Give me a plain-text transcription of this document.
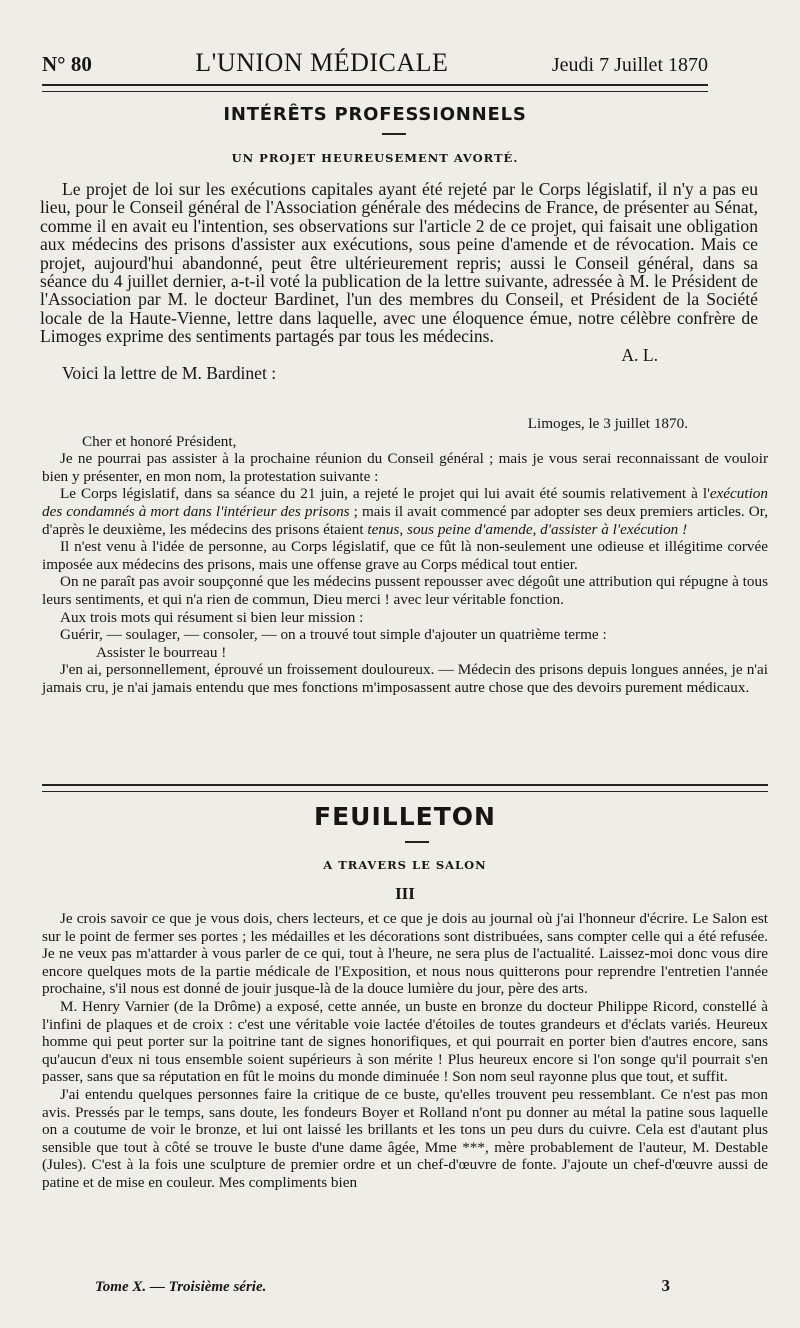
N° 80	L'UNION MÉDICALE	Jeudi 7 Juillet 1870
INTÉRÊTS PROFESSIONNELS
UN PROJET HEUREUSEMENT AVORTÉ.

Le projet de loi sur les exécutions capitales ayant été rejeté par le Corps législatif, il n'y a pas eu lieu, pour le Conseil général de l'Association générale des médecins de France, de présenter au Sénat, comme il en avait eu l'intention, ses observations sur l'article 2 de ce projet, qui faisait une obligation aux médecins des prisons d'assister aux exécutions, sous peine d'amende et de révocation. Mais ce projet, aujourd'hui abandonné, peut être ultérieurement repris; aussi le Conseil général, dans sa séance du 4 juillet dernier, a-t-il voté la publication de la lettre suivante, adressée à M. le Président de l'Association par M. le docteur Bardinet, l'un des membres du Conseil, et Président de la Société locale de la Haute-Vienne, lettre dans laquelle, avec une éloquence émue, notre célèbre confrère de Limoges exprime des sentiments partagés par tous les médecins.
A. L.

Voici la lettre de M. Bardinet :

Limoges, le 3 juillet 1870.

Cher et honoré Président,

Je ne pourrai pas assister à la prochaine réunion du Conseil général ; mais je vous serai reconnaissant de vouloir bien y présenter, en mon nom, la protestation suivante :

Le Corps législatif, dans sa séance du 21 juin, a rejeté le projet qui lui avait été soumis relativement à l'exécution des condamnés à mort dans l'intérieur des prisons ; mais il avait commencé par adopter ses deux premiers articles. Or, d'après le deuxième, les médecins des prisons étaient tenus, sous peine d'amende, d'assister à l'exécution !

Il n'est venu à l'idée de personne, au Corps législatif, que ce fût là non-seulement une odieuse et illégitime corvée imposée aux médecins des prisons, mais une offense grave au Corps médical tout entier.

On ne paraît pas avoir soupçonné que les médecins pussent repousser avec dégoût une attribution qui répugne à tous leurs sentiments, et qui n'a rien de commun, Dieu merci ! avec leur véritable fonction.

Aux trois mots qui résument si bien leur mission :

Guérir, — soulager, — consoler, — on a trouvé tout simple d'ajouter un quatrième terme :

Assister le bourreau !

J'en ai, personnellement, éprouvé un froissement douloureux. — Médecin des prisons depuis longues années, je n'ai jamais cru, je n'ai jamais entendu que mes fonctions m'imposassent autre chose que des devoirs purement médicaux.

FEUILLETON
A TRAVERS LE SALON
III

Je crois savoir ce que je vous dois, chers lecteurs, et ce que je dois au journal où j'ai l'honneur d'écrire. Le Salon est sur le point de fermer ses portes ; les médailles et les décorations sont distribuées, sans compter celle qui a été refusée. Je ne veux pas m'attarder à vous parler de ce qui, tout à l'heure, ne sera plus de l'actualité. Laissez-moi donc vous dire encore quelques mots de la partie médicale de l'Exposition, et nous nous quitterons pour reprendre l'entretien l'année prochaine, s'il nous est donné de jouir jusque-là de la douce lumière du jour, père des arts.

M. Henry Varnier (de la Drôme) a exposé, cette année, un buste en bronze du docteur Philippe Ricord, constellé à l'infini de plaques et de croix : c'est une véritable voie lactée d'étoiles de toutes grandeurs et d'éclats variés. Heureux homme qui peut porter sur la poitrine tant de signes honorifiques, et qui pourrait en porter bien d'autres encore, sans qu'aucun d'eux ni tous ensemble soient supérieurs à son mérite ! Plus heureux encore si l'on songe qu'il pourrait s'en passer, sans que sa réputation en fût le moins du monde diminuée ! Son nom seul rayonne plus que tout, et suffit.

J'ai entendu quelques personnes faire la critique de ce buste, qu'elles trouvent peu ressemblant. Ce n'est pas mon avis. Pressés par le temps, sans doute, les fondeurs Boyer et Rolland n'ont pu donner au métal la patine sous laquelle on a coutume de voir le bronze, et lui ont laissé les brillants et les tons un peu durs du cuivre. Cela est d'autant plus sensible que tout à côté se trouve le buste d'une dame âgée, Mme ***, mère probablement de l'auteur, M. Destable (Jules). C'est à la fois une sculpture de premier ordre et un chef-d'œuvre de fonte. J'ajoute un chef-d'œuvre aussi de patine et de mise en couleur. Mes compliments bien

Tome X. — Troisième série.	3
